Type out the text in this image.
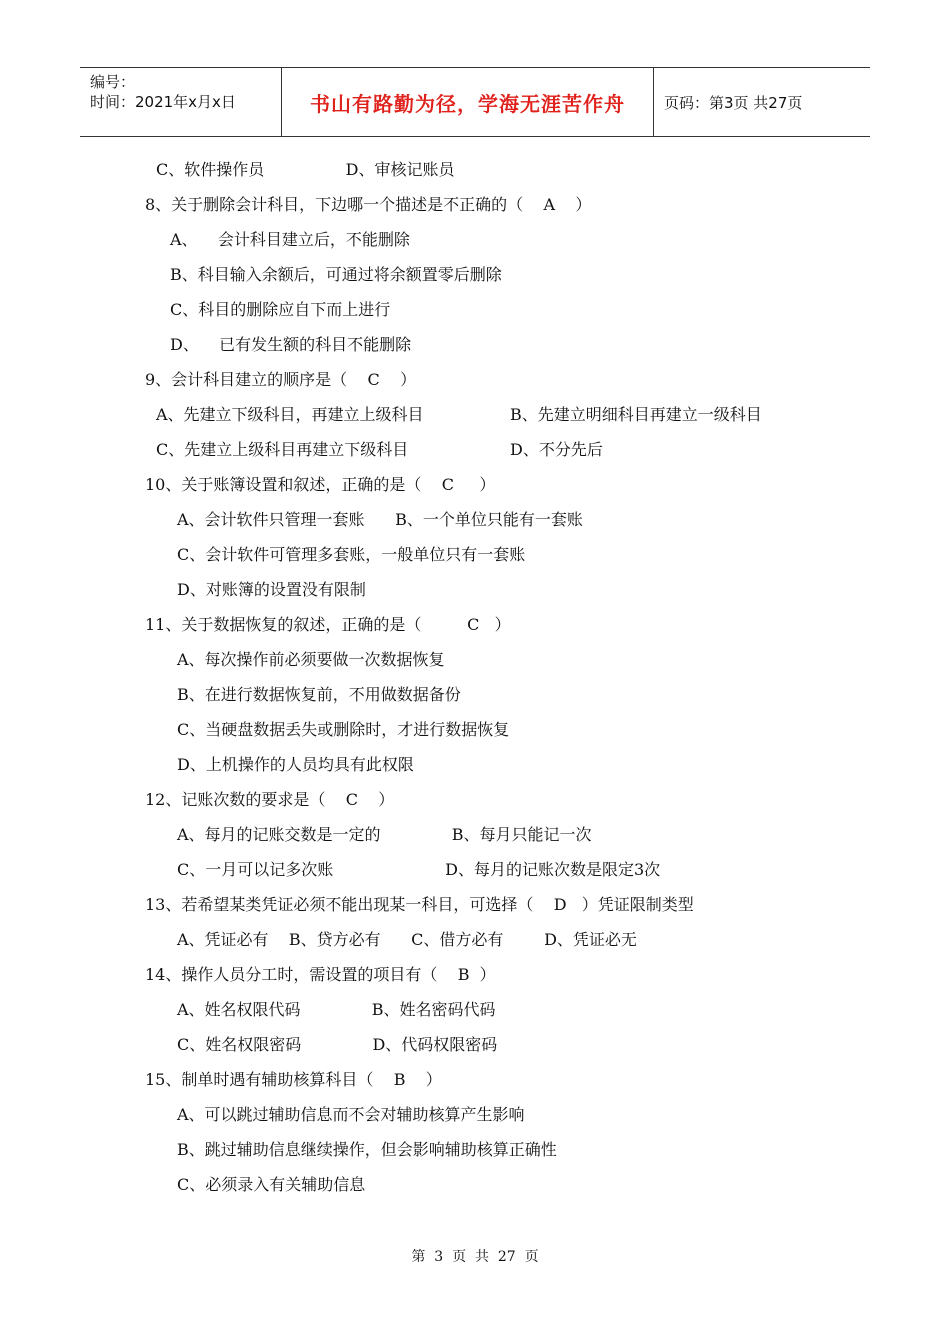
编号：
时间：2021年x月x日	书山有路勤为径，学海无涯苦作舟	页码：第3页 共27页
C、软件操作员                D、审核记账员
8、关于删除会计科目，下边哪一个描述是不正确的（    A    ）
A、    会计科目建立后，不能删除
B、科目输入余额后，可通过将余额置零后删除
C、科目的删除应自下而上进行
D、    已有发生额的科目不能删除
9、会计科目建立的顺序是（    C    ）
A、先建立下级科目，再建立上级科目	B、先建立明细科目再建立一级科目
C、先建立上级科目再建立下级科目	D、不分先后
10、关于账簿设置和叙述，正确的是（    C     ）
A、会计软件只管理一套账      B、一个单位只能有一套账
C、会计软件可管理多套账，一般单位只有一套账
D、对账簿的设置没有限制
11、关于数据恢复的叙述，正确的是（         C   ）
A、每次操作前必须要做一次数据恢复
B、在进行数据恢复前，不用做数据备份
C、当硬盘数据丢失或删除时，才进行数据恢复
D、上机操作的人员均具有此权限
12、记账次数的要求是（    C    ）
A、每月的记账交数是一定的              B、每月只能记一次
C、一月可以记多次账                      D、每月的记账次数是限定3次
13、若希望某类凭证必须不能出现某一科目，可选择（    D   ）凭证限制类型
A、凭证必有    B、贷方必有      C、借方必有        D、凭证必无
14、操作人员分工时，需设置的项目有（    B  ）
A、姓名权限代码              B、姓名密码代码
C、姓名权限密码              D、代码权限密码
15、制单时遇有辅助核算科目（    B    ）
A、可以跳过辅助信息而不会对辅助核算产生影响
B、跳过辅助信息继续操作，但会影响辅助核算正确性
C、必须录入有关辅助信息
第  3  页  共  27  页
